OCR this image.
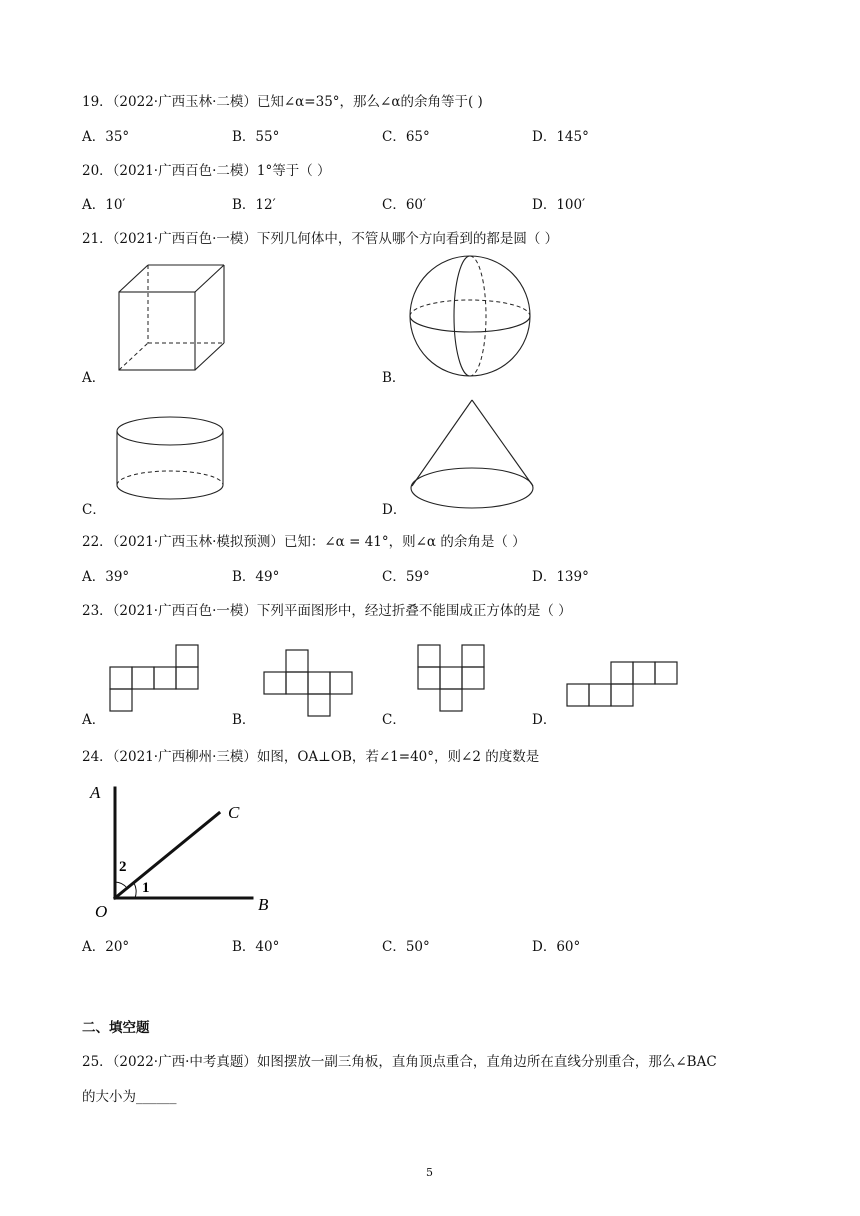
19．（2022·广西玉林·二模）已知∠α=35°，那么∠α的余角等于( )
A．35°	B．55°	C．65°	D．145°
20．（2021·广西百色·二模）1°等于（ ）
A．10′	B．12′	C．60′	D．100′
21．（2021·广西百色·一模）下列几何体中，不管从哪个方向看到的都是圆（ ）
A．	B．
C．	D．
22．（2021·广西玉林·模拟预测）已知：∠α = 41°，则∠α 的余角是（ ）
A．39°	B．49°	C．59°	D．139°
23．（2021·广西百色·一模）下列平面图形中，经过折叠不能围成正方体的是（ ）
A．	B．	C．	D．
24．（2021·广西柳州·三模）如图，OA⊥OB，若∠1=40°，则∠2 的度数是
A
C
O	B
2
1
A．20°	B．40°	C．50°	D．60°
二、填空题
25．（2022·广西·中考真题）如图摆放一副三角板，直角顶点重合，直角边所在直线分别重合，那么∠BAC
的大小为______
5
